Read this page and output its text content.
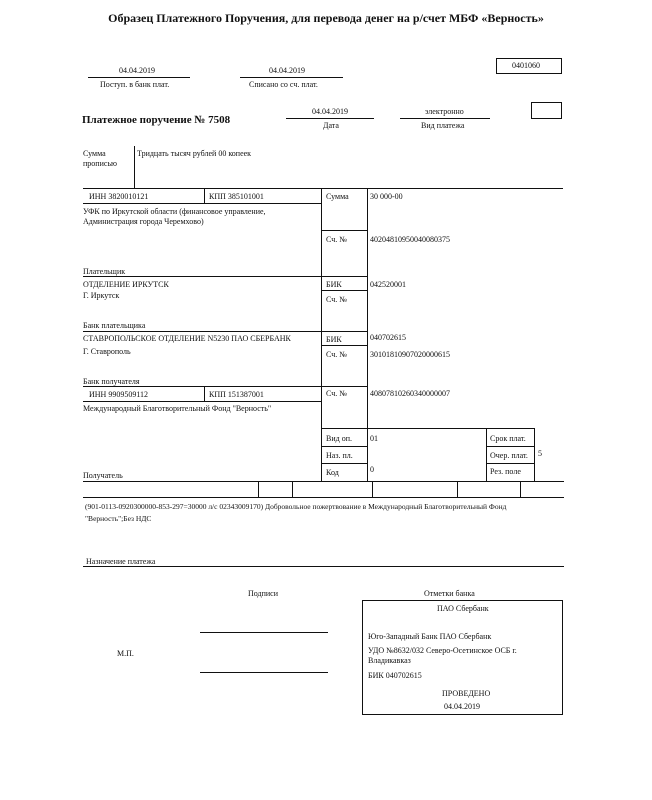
Образец Платежного Поручения, для перевода денег на р/счет МБФ «Верность»
0401060
04.04.2019
Поступ. в банк плат.
04.04.2019
Списано со сч. плат.
Платежное поручение № 7508
04.04.2019
Дата
электронно
Вид платежа
Сумма
прописью
Тридцать тысяч рублей 00 копеек
ИНН 3820010121	КПП 385101001	Сумма	30 000-00
УФК по Иркутской области (финансовое управление,
Администрация города Черемхово)
Сч. №	40204810950040080375
Плательщик
ОТДЕЛЕНИЕ ИРКУТСК
Г. Иркутск
БИК	042520001
Сч. №
Банк плательщика
СТАВРОПОЛЬСКОЕ ОТДЕЛЕНИЕ N5230 ПАО СБЕРБАНК
Г. Ставрополь
БИК	040702615
Сч. №	30101810907020000615
Банк получателя
ИНН 9909509112	КПП 151387001	Сч. №	40807810260340000007
Международный Благотворительный Фонд "Верность"
Вид оп. 01	Срок плат.
Наз. пл.	Очер. плат. 5
Код	0	Рез. поле
Получатель
(901-0113-0920300000-853-297=30000 л/с 02343009170) Добровольное пожертвование в Международный Благотворительный Фонд
"Верность";Без НДС
Назначение платежа
Подписи
М.П.
Отметки банка
ПАО Сбербанк
Юго-Западный Банк ПАО Сбербанк
УДО №8632/032 Северо-Осетинское ОСБ г.
Владикавказ
БИК 040702615
ПРОВЕДЕНО
04.04.2019
